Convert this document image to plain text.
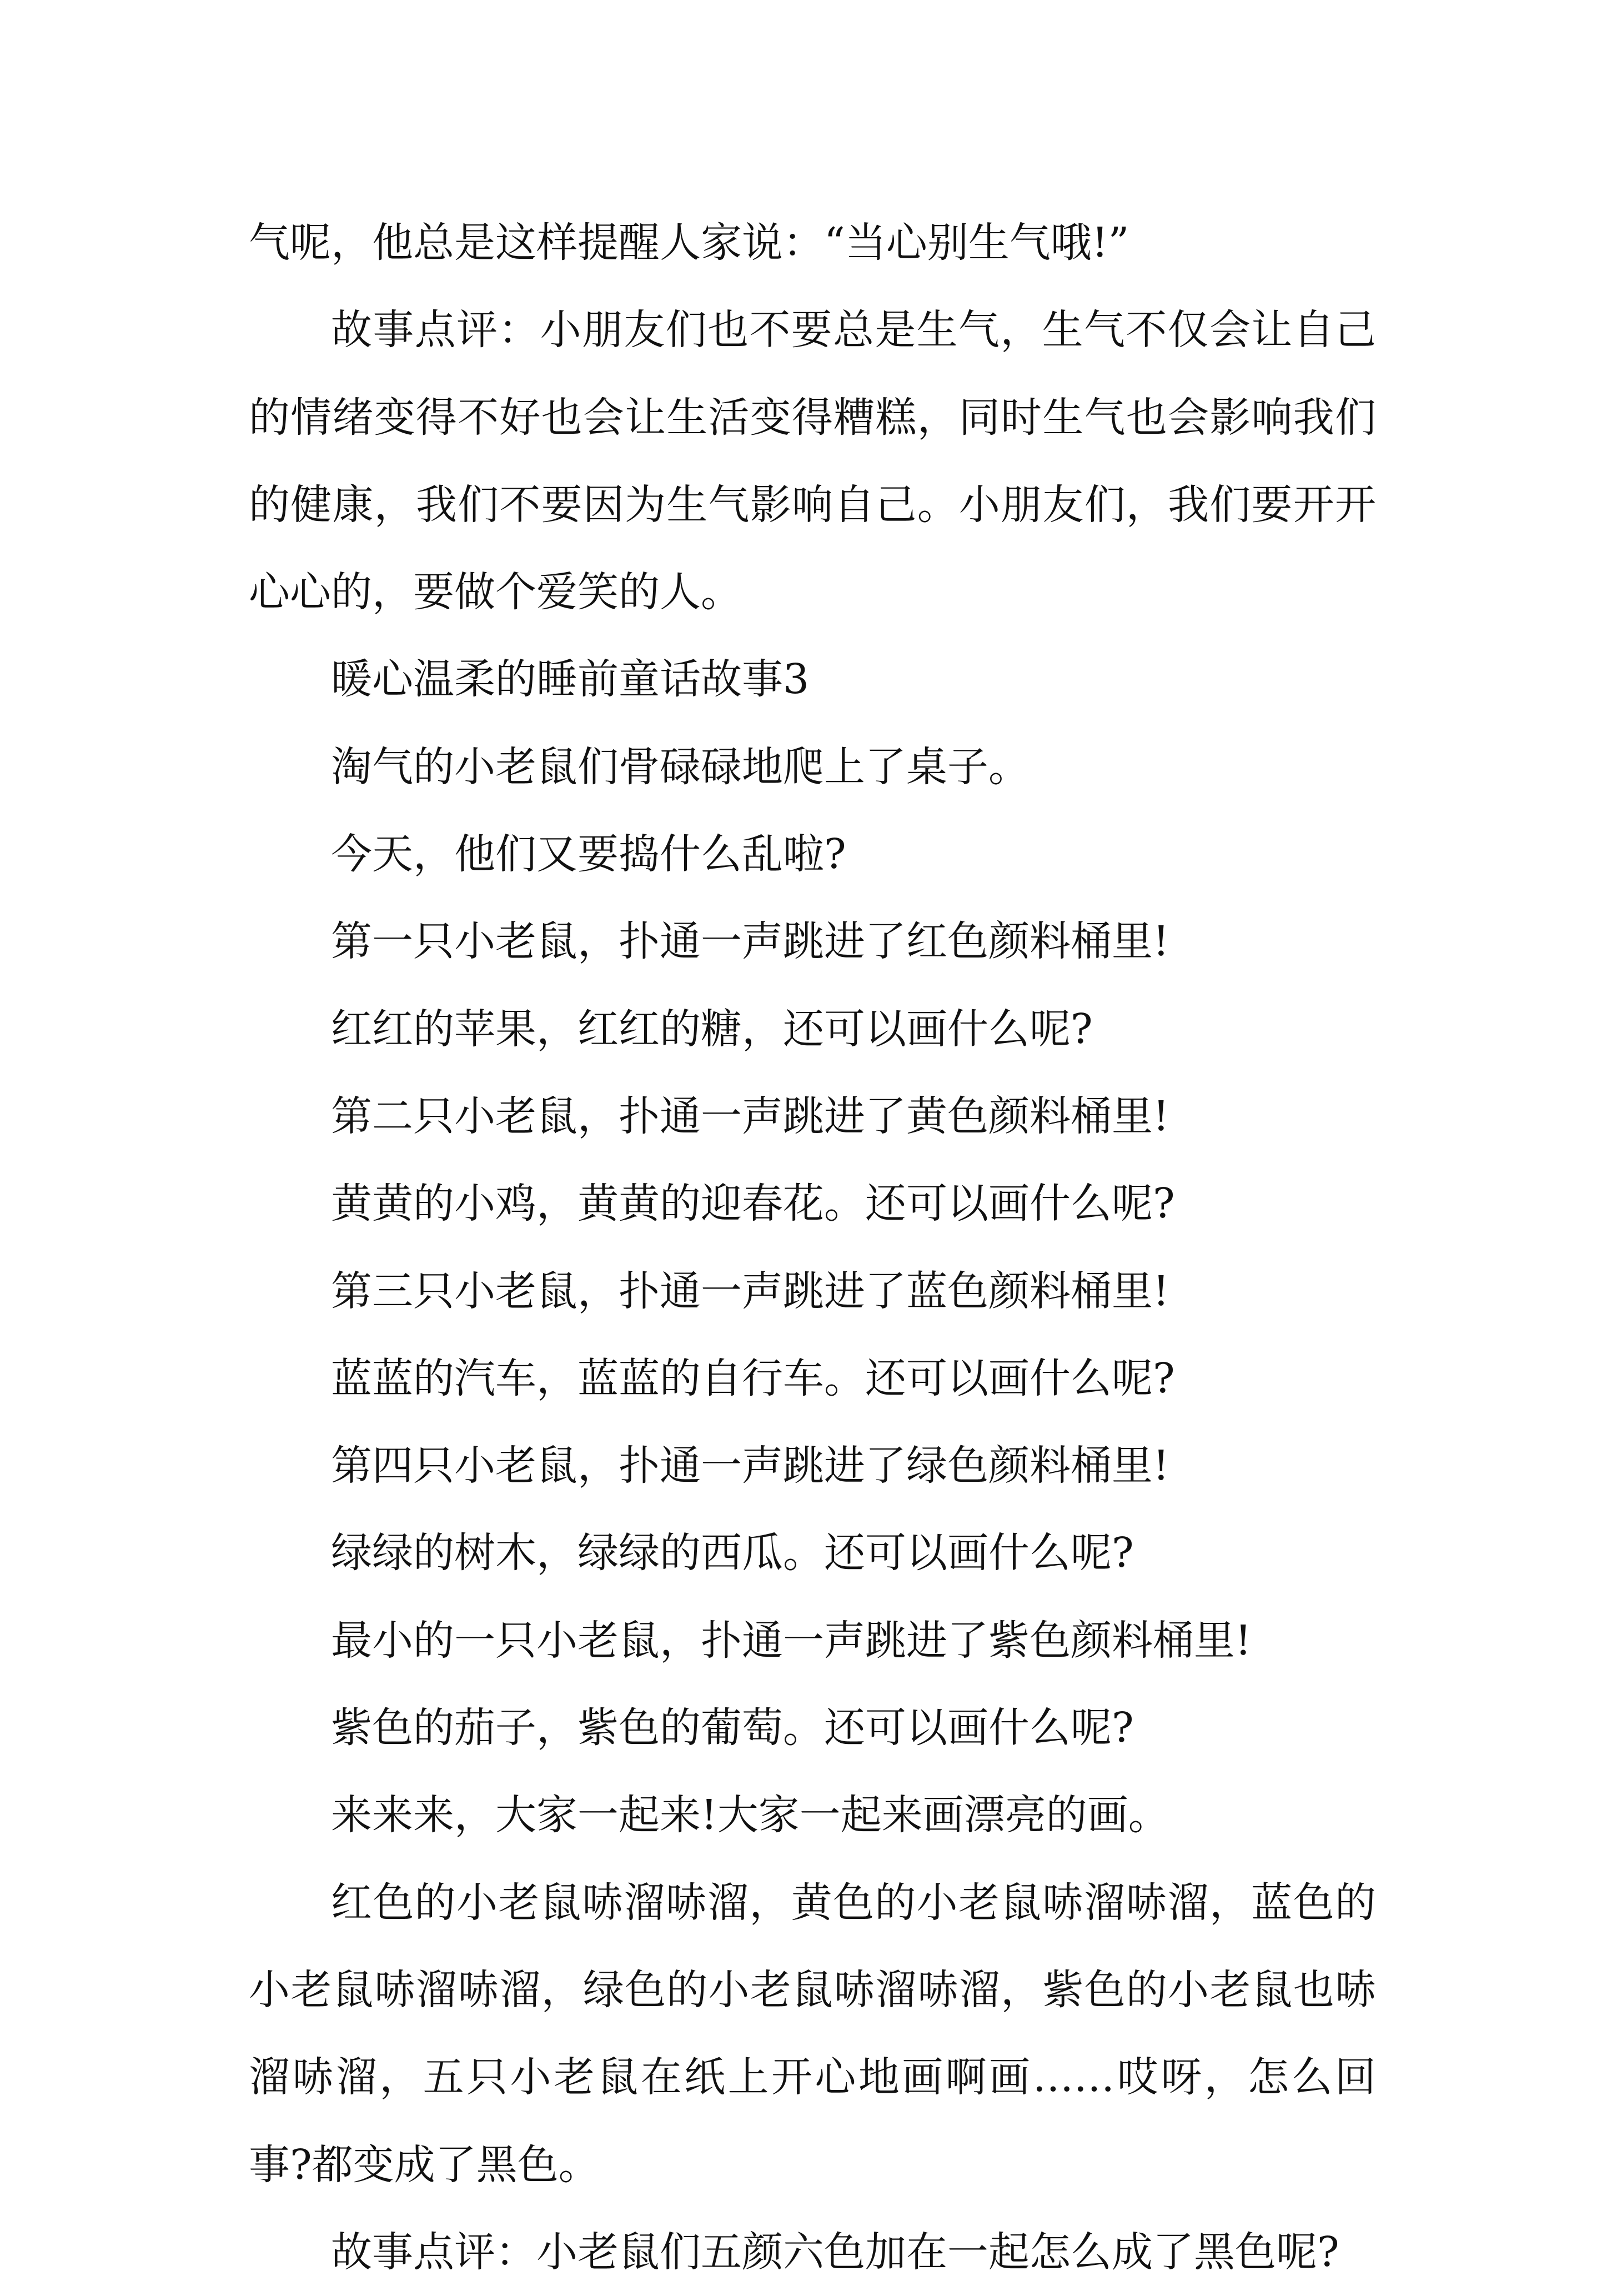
气呢，他总是这样提醒人家说：“当心别生气哦!”

故事点评：小朋友们也不要总是生气，生气不仅会让自己的情绪变得不好也会让生活变得糟糕，同时生气也会影响我们的健康，我们不要因为生气影响自己。小朋友们，我们要开开心心的，要做个爱笑的人。

暖心温柔的睡前童话故事3

淘气的小老鼠们骨碌碌地爬上了桌子。

今天，他们又要捣什么乱啦?

第一只小老鼠，扑通一声跳进了红色颜料桶里!

红红的苹果，红红的糖，还可以画什么呢?

第二只小老鼠，扑通一声跳进了黄色颜料桶里!

黄黄的小鸡，黄黄的迎春花。还可以画什么呢?

第三只小老鼠，扑通一声跳进了蓝色颜料桶里!

蓝蓝的汽车，蓝蓝的自行车。还可以画什么呢?

第四只小老鼠，扑通一声跳进了绿色颜料桶里!

绿绿的树木，绿绿的西瓜。还可以画什么呢?

最小的一只小老鼠，扑通一声跳进了紫色颜料桶里!

紫色的茄子，紫色的葡萄。还可以画什么呢?

来来来，大家一起来!大家一起来画漂亮的画。

红色的小老鼠哧溜哧溜，黄色的小老鼠哧溜哧溜，蓝色的小老鼠哧溜哧溜，绿色的小老鼠哧溜哧溜，紫色的小老鼠也哧溜哧溜，五只小老鼠在纸上开心地画啊画……哎呀，怎么回事?都变成了黑色。

故事点评：小老鼠们五颜六色加在一起怎么成了黑色呢?
